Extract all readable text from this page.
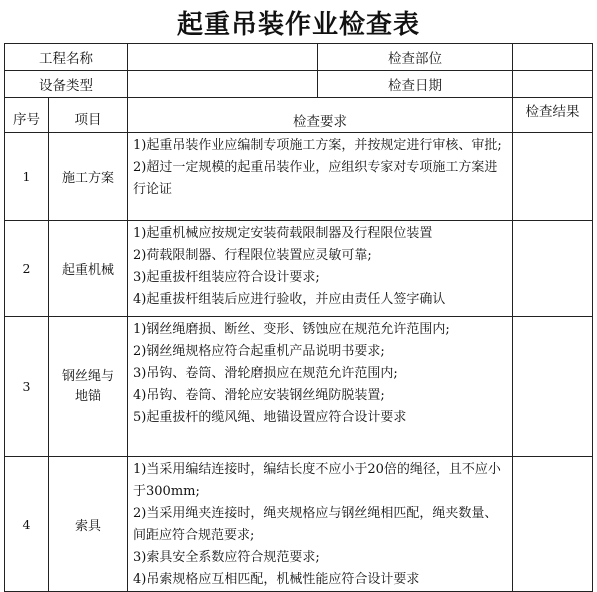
起重吊装作业检查表
工程名称			检查部位	
设备类型			检查日期	
序号	项目	检查要求		检查结果
1	施工方案	1)起重吊装作业应编制专项施工方案，并按规定进行审核、审批;
2)超过一定规模的起重吊装作业，应组织专家对专项施工方案进行论证		

2	起重机械	1)起重机械应按规定安装荷载限制器及行程限位装置
2)荷载限制器、行程限位装置应灵敏可靠;
3)起重拔杆组装应符合设计要求;
4)起重拔杆组装后应进行验收，并应由责任人签字确认		

3	钢丝绳与地锚	1)钢丝绳磨损、断丝、变形、锈蚀应在规范允许范围内;
2)钢丝绳规格应符合起重机产品说明书要求;
3)吊钩、卷筒、滑轮磨损应在规范允许范围内;
4)吊钩、卷筒、滑轮应安装钢丝绳防脱装置;
5)起重拔杆的缆风绳、地锚设置应符合设计要求		

4	索具	1)当采用编结连接时，编结长度不应小于20倍的绳径，且不应小于300mm;
2)当采用绳夹连接时，绳夹规格应与钢丝绳相匹配，绳夹数量、间距应符合规范要求;
3)索具安全系数应符合规范要求;
4)吊索规格应互相匹配，机械性能应符合设计要求		
